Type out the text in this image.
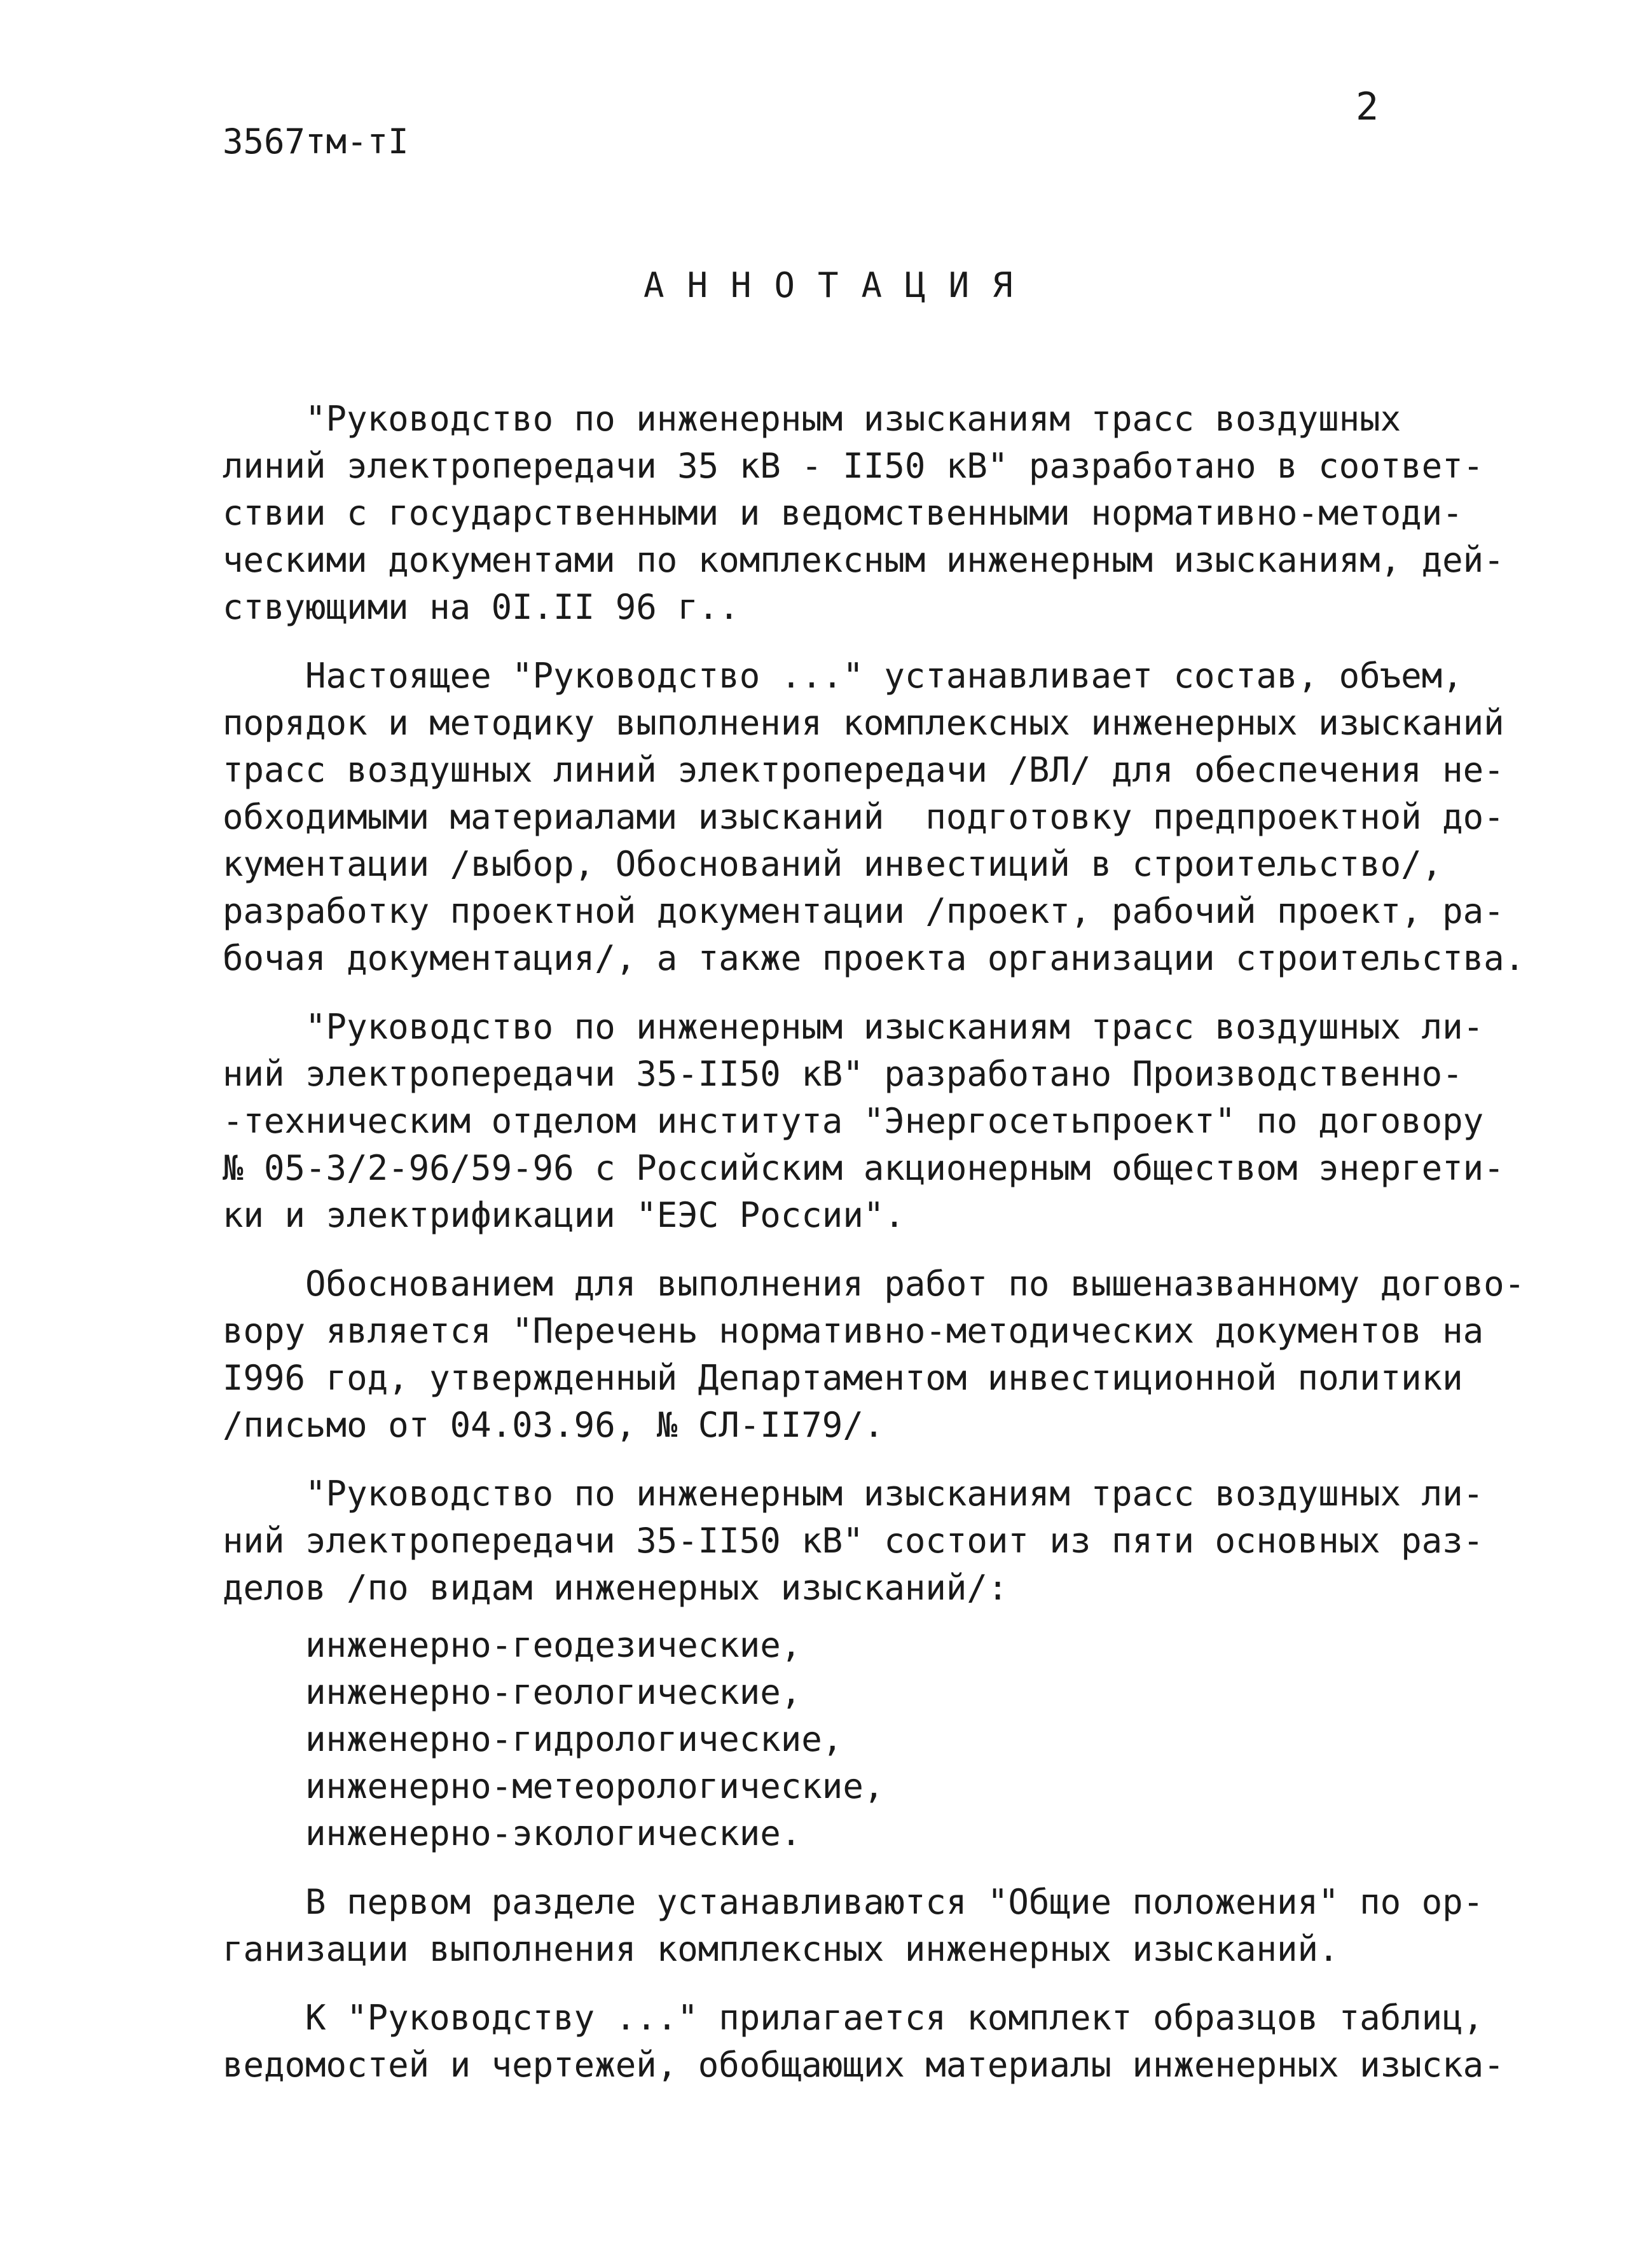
2
3567тм-тI
АННОТАЦИЯ

"Руководство по инженерным изысканиям трасс воздушных

линий электропередачи 35 кВ - II50 кВ" разработано в соответ-

ствии с государственными и ведомственными нормативно-методи-

ческими документами по комплексным инженерным изысканиям, дей-

ствующими на 0I.II 96 г..

Настоящее "Руководство ..." устанавливает состав, объем,

порядок и методику выполнения комплексных инженерных изысканий

трасс воздушных линий электропередачи /ВЛ/ для обеспечения не-

обходимыми материалами изысканий  подготовку предпроектной до-

кументации /выбор, Обоснований инвестиций в строительство/,

разработку проектной документации /проект, рабочий проект, ра-

бочая документация/, а также проекта организации строительства.

"Руководство по инженерным изысканиям трасс воздушных ли-

ний электропередачи 35-II50 кВ" разработано Производственно-

-техническим отделом института "Энергосетьпроект" по договору

№ 05-3/2-96/59-96 с Российским акционерным обществом энергети-

ки и электрификации "ЕЭС России".

Обоснованием для выполнения работ по вышеназванному догово-

вору является "Перечень нормативно-методических документов на

I996 год, утвержденный Департаментом инвестиционной политики

/письмо от 04.03.96, № СЛ-II79/.

"Руководство по инженерным изысканиям трасс воздушных ли-

ний электропередачи 35-II50 кВ" состоит из пяти основных раз-

делов /по видам инженерных изысканий/:

инженерно-геодезические,

инженерно-геологические,

инженерно-гидрологические,

инженерно-метеорологические,

инженерно-экологические.

В первом разделе устанавливаются "Общие положения" по ор-

ганизации выполнения комплексных инженерных изысканий.

К "Руководству ..." прилагается комплект образцов таблиц,

ведомостей и чертежей, обобщающих материалы инженерных изыска-
